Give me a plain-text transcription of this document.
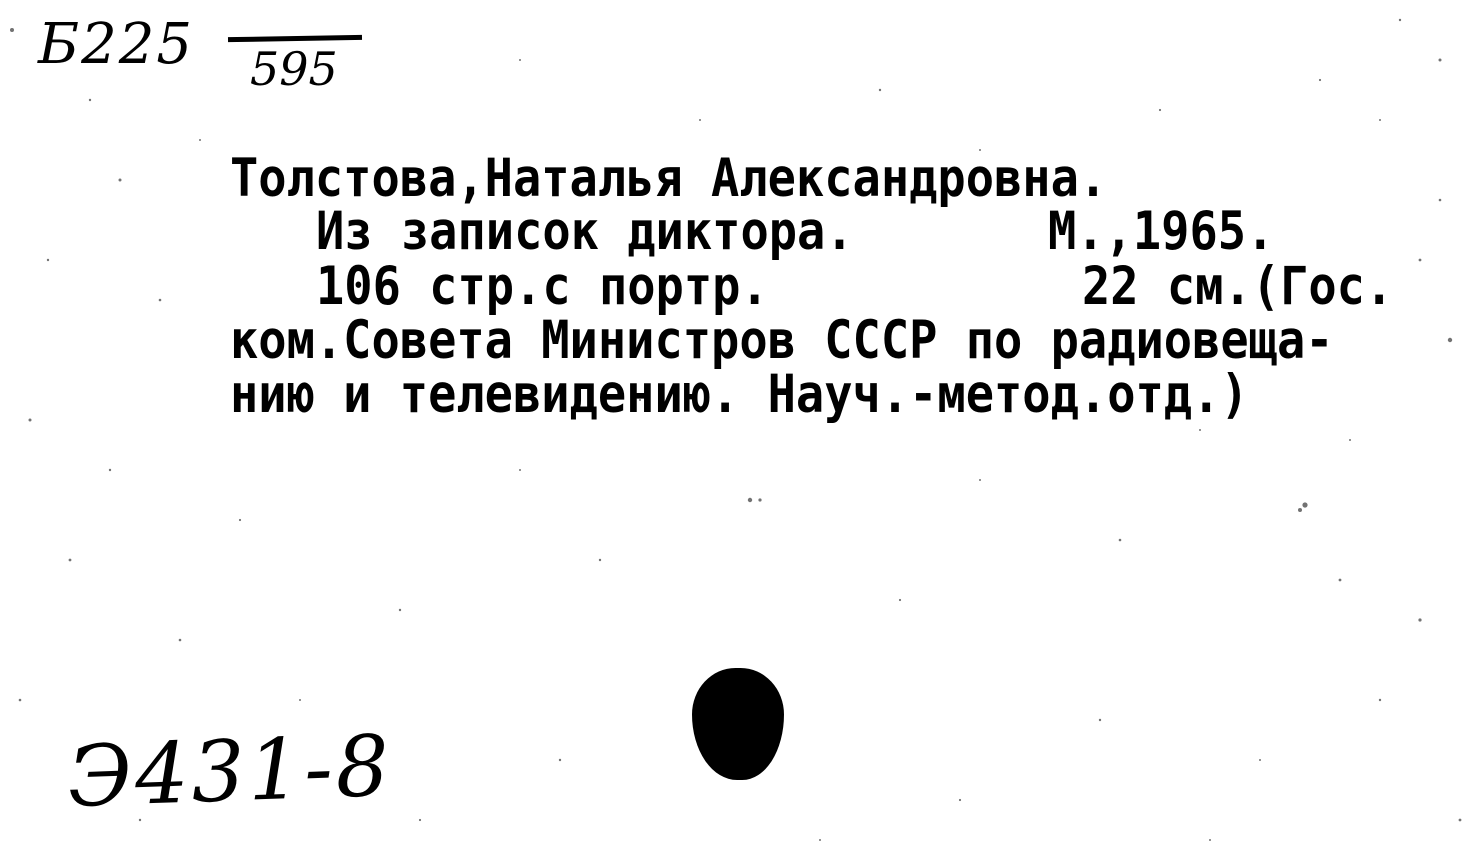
Б225 595
Толстова,Наталья Александровна.
Из записок диктора.	М.,1965.
106 стр.с портр.	22 см.(Гос.
ком.Совета Министров СССР по радиовеща-
нию и телевидению. Науч.-метод.отд.)
Э431-8
